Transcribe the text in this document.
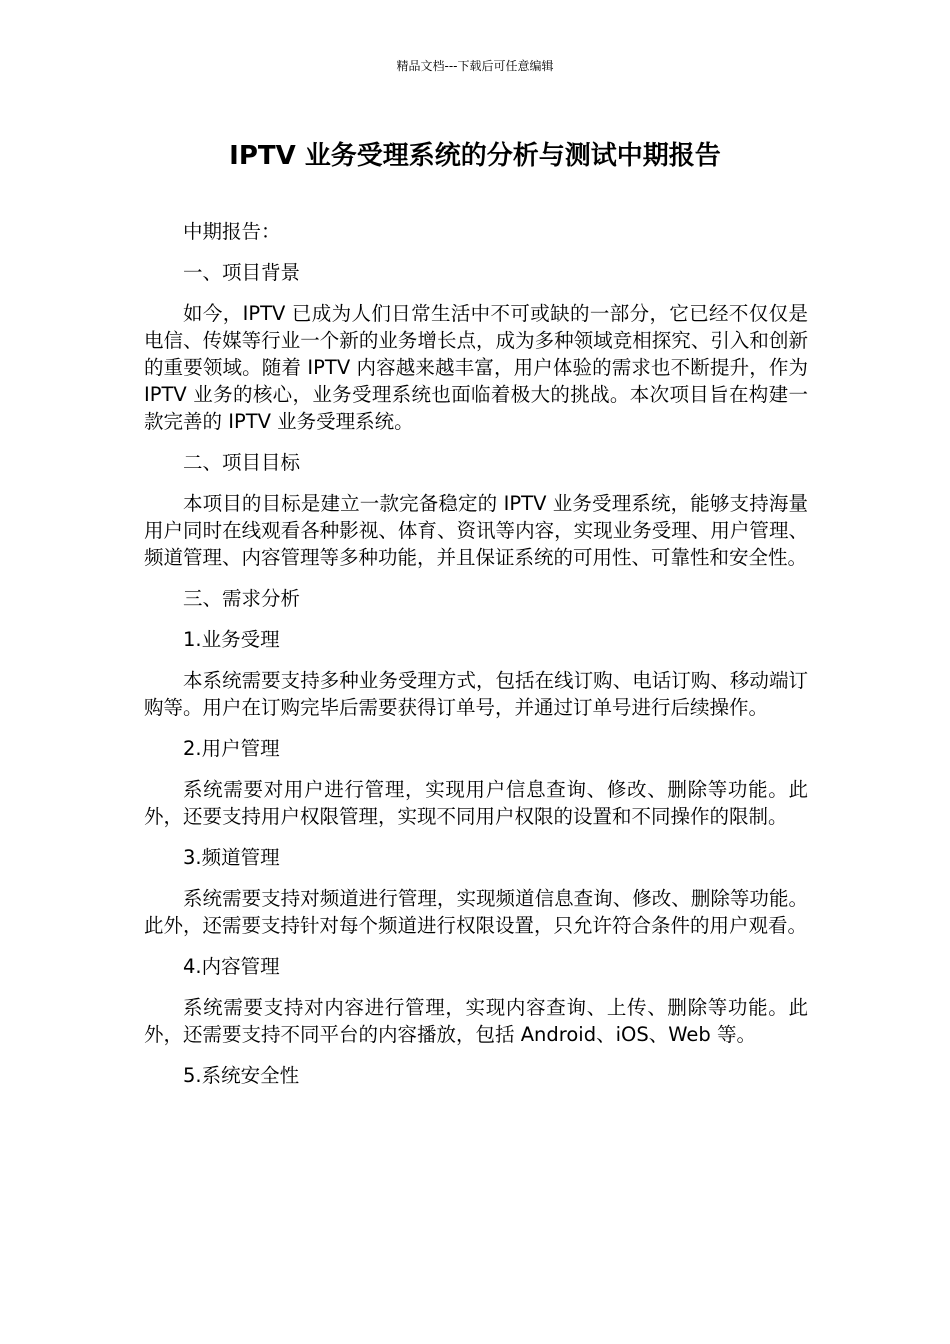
精品文档---下载后可任意编辑
IPTV 业务受理系统的分析与测试中期报告

中期报告：

一、项目背景

如今，IPTV 已成为人们日常生活中不可或缺的一部分，它已经不仅仅是电信、传媒等行业一个新的业务增长点，成为多种领域竞相探究、引入和创新的重要领域。随着 IPTV 内容越来越丰富，用户体验的需求也不断提升，作为 IPTV 业务的核心，业务受理系统也面临着极大的挑战。本次项目旨在构建一款完善的 IPTV 业务受理系统。

二、项目目标

本项目的目标是建立一款完备稳定的 IPTV 业务受理系统，能够支持海量用户同时在线观看各种影视、体育、资讯等内容，实现业务受理、用户管理、频道管理、内容管理等多种功能，并且保证系统的可用性、可靠性和安全性。

三、需求分析

1.业务受理

本系统需要支持多种业务受理方式，包括在线订购、电话订购、移动端订购等。用户在订购完毕后需要获得订单号，并通过订单号进行后续操作。

2.用户管理

系统需要对用户进行管理，实现用户信息查询、修改、删除等功能。此外，还要支持用户权限管理，实现不同用户权限的设置和不同操作的限制。

3.频道管理

系统需要支持对频道进行管理，实现频道信息查询、修改、删除等功能。此外，还需要支持针对每个频道进行权限设置，只允许符合条件的用户观看。

4.内容管理

系统需要支持对内容进行管理，实现内容查询、上传、删除等功能。此外，还需要支持不同平台的内容播放，包括 Android、iOS、Web 等。

5.系统安全性
